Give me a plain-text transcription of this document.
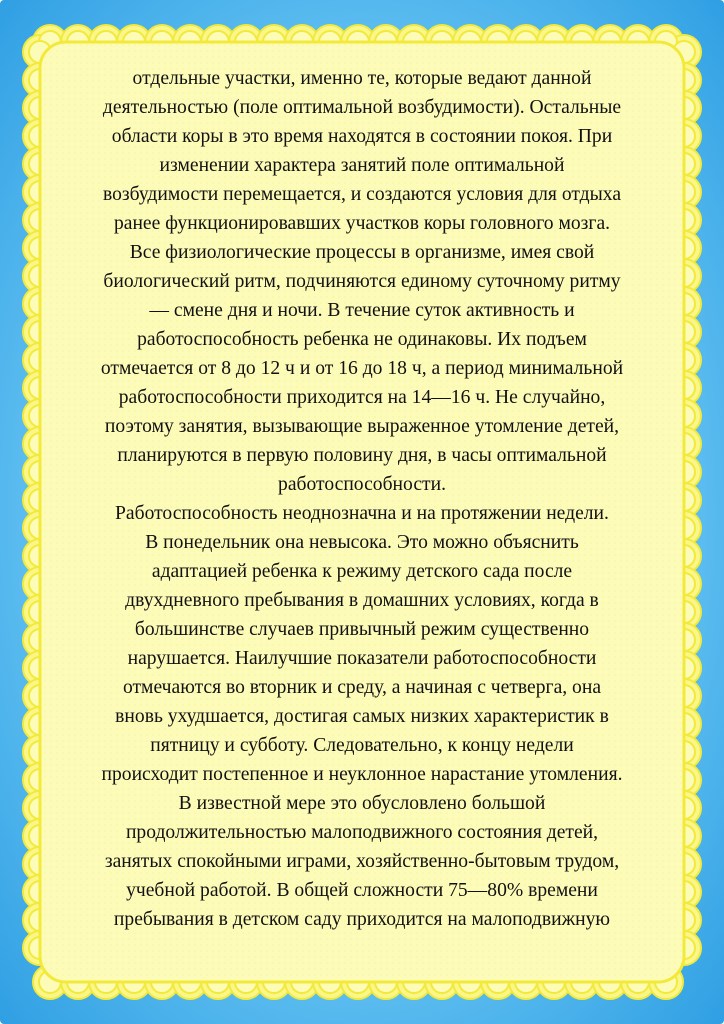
отдельные участки, именно те, которые ведают данной

деятельностью (поле оптимальной возбудимости). Остальные

области коры в это время находятся в состоянии покоя. При

изменении характера занятий поле оптимальной

возбудимости перемещается, и создаются условия для отдыха

ранее функционировавших участков коры головного мозга.

Все физиологические процессы в организме, имея свой

биологический ритм, подчиняются единому суточному ритму

— смене дня и ночи. В течение суток активность и

работоспособность ребенка не одинаковы. Их подъем

отмечается от 8 до 12 ч и от 16 до 18 ч, а период минимальной

работоспособности приходится на 14—16 ч. Не случайно,

поэтому занятия, вызывающие выраженное утомление детей,

планируются в первую половину дня, в часы оптимальной

работоспособности.

Работоспособность неоднозначна и на протяжении недели.

В понедельник она невысока. Это можно объяснить

адаптацией ребенка к режиму детского сада после

двухдневного пребывания в домашних условиях, когда в

большинстве случаев привычный режим существенно

нарушается. Наилучшие показатели работоспособности

отмечаются во вторник и среду, а начиная с четверга, она

вновь ухудшается, достигая самых низких характеристик в

пятницу и субботу. Следовательно, к концу недели

происходит постепенное и неуклонное нарастание утомления.

В известной мере это обусловлено большой

продолжительностью малоподвижного состояния детей,

занятых спокойными играми, хозяйственно-бытовым трудом,

учебной работой. В общей сложности 75—80% времени

пребывания в детском саду приходится на малоподвижную
